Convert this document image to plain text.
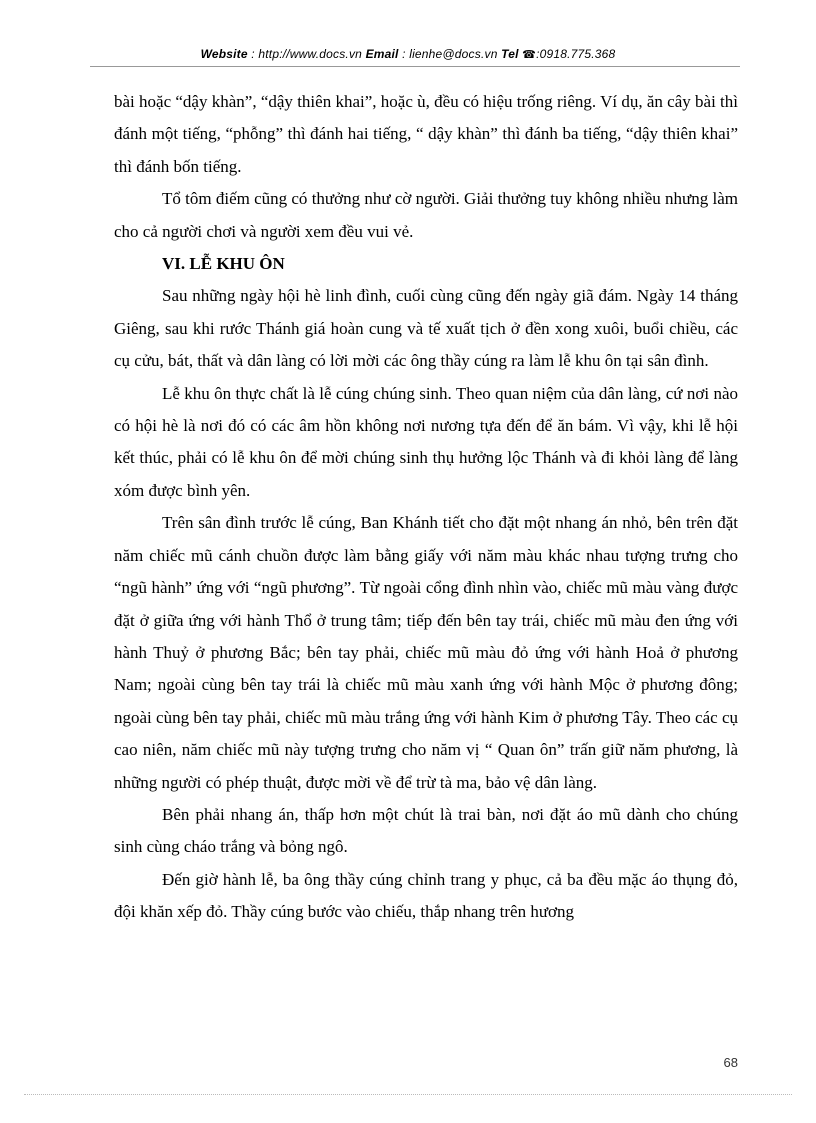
Website : http://www.docs.vn Email : lienhe@docs.vn Tel ☎:0918.775.368

bài hoặc “dậy khàn”, “dậy thiên khai”, hoặc ù, đều có hiệu trống riêng. Ví dụ, ăn cây bài thì đánh một tiếng, “phỗng” thì đánh hai tiếng, “ dậy khàn” thì đánh ba tiếng, “dậy thiên khai” thì đánh bốn tiếng.

Tổ tôm điếm cũng có thưởng như cờ người. Giải thưởng tuy không nhiều nhưng làm cho cả người chơi và người xem đều vui vẻ.

VI. LỄ KHU ÔN

Sau những ngày hội hè linh đình, cuối cùng cũng đến ngày giã đám. Ngày 14 tháng Giêng, sau khi rước Thánh giá hoàn cung và tế xuất tịch ở đền xong xuôi, buổi chiều, các cụ cửu, bát, thất và dân làng có lời mời các ông thầy cúng ra làm lễ khu ôn tại sân đình.

Lễ khu ôn thực chất là lễ cúng chúng sinh. Theo quan niệm của dân làng, cứ nơi nào có hội hè là nơi đó có các âm hồn không nơi nương tựa đến để ăn bám. Vì vậy, khi lễ hội kết thúc, phải có lễ khu ôn để mời chúng sinh thụ hưởng lộc Thánh và đi khỏi làng để làng xóm được bình yên.

Trên sân đình trước lễ cúng, Ban Khánh tiết cho đặt một nhang án nhỏ, bên trên đặt năm chiếc mũ cánh chuồn được làm bằng giấy với năm màu khác nhau tượng trưng cho “ngũ hành” ứng với “ngũ phương”. Từ ngoài cổng đình nhìn vào, chiếc mũ màu vàng được đặt ở giữa ứng với hành Thổ ở trung tâm; tiếp đến bên tay trái, chiếc mũ màu đen ứng với hành Thuỷ ở phương Bắc; bên tay phải, chiếc mũ màu đỏ ứng với hành Hoả ở phương Nam; ngoài cùng bên tay trái là chiếc mũ màu xanh ứng với hành Mộc ở phương đông; ngoài cùng bên tay phải, chiếc mũ màu trắng ứng với hành Kim ở phương Tây. Theo các cụ cao niên, năm chiếc mũ này tượng trưng cho năm vị “ Quan ôn” trấn giữ năm phương, là những người có phép thuật, được mời về để trừ tà ma, bảo vệ dân làng.

Bên phải nhang án, thấp hơn một chút là trai bàn, nơi đặt áo mũ dành cho chúng sinh cùng cháo trắng và bỏng ngô.

Đến giờ hành lễ, ba ông thầy cúng chỉnh trang y phục, cả ba đều mặc áo thụng đỏ, đội khăn xếp đỏ. Thầy cúng bước vào chiếu, thắp nhang trên hương

68
